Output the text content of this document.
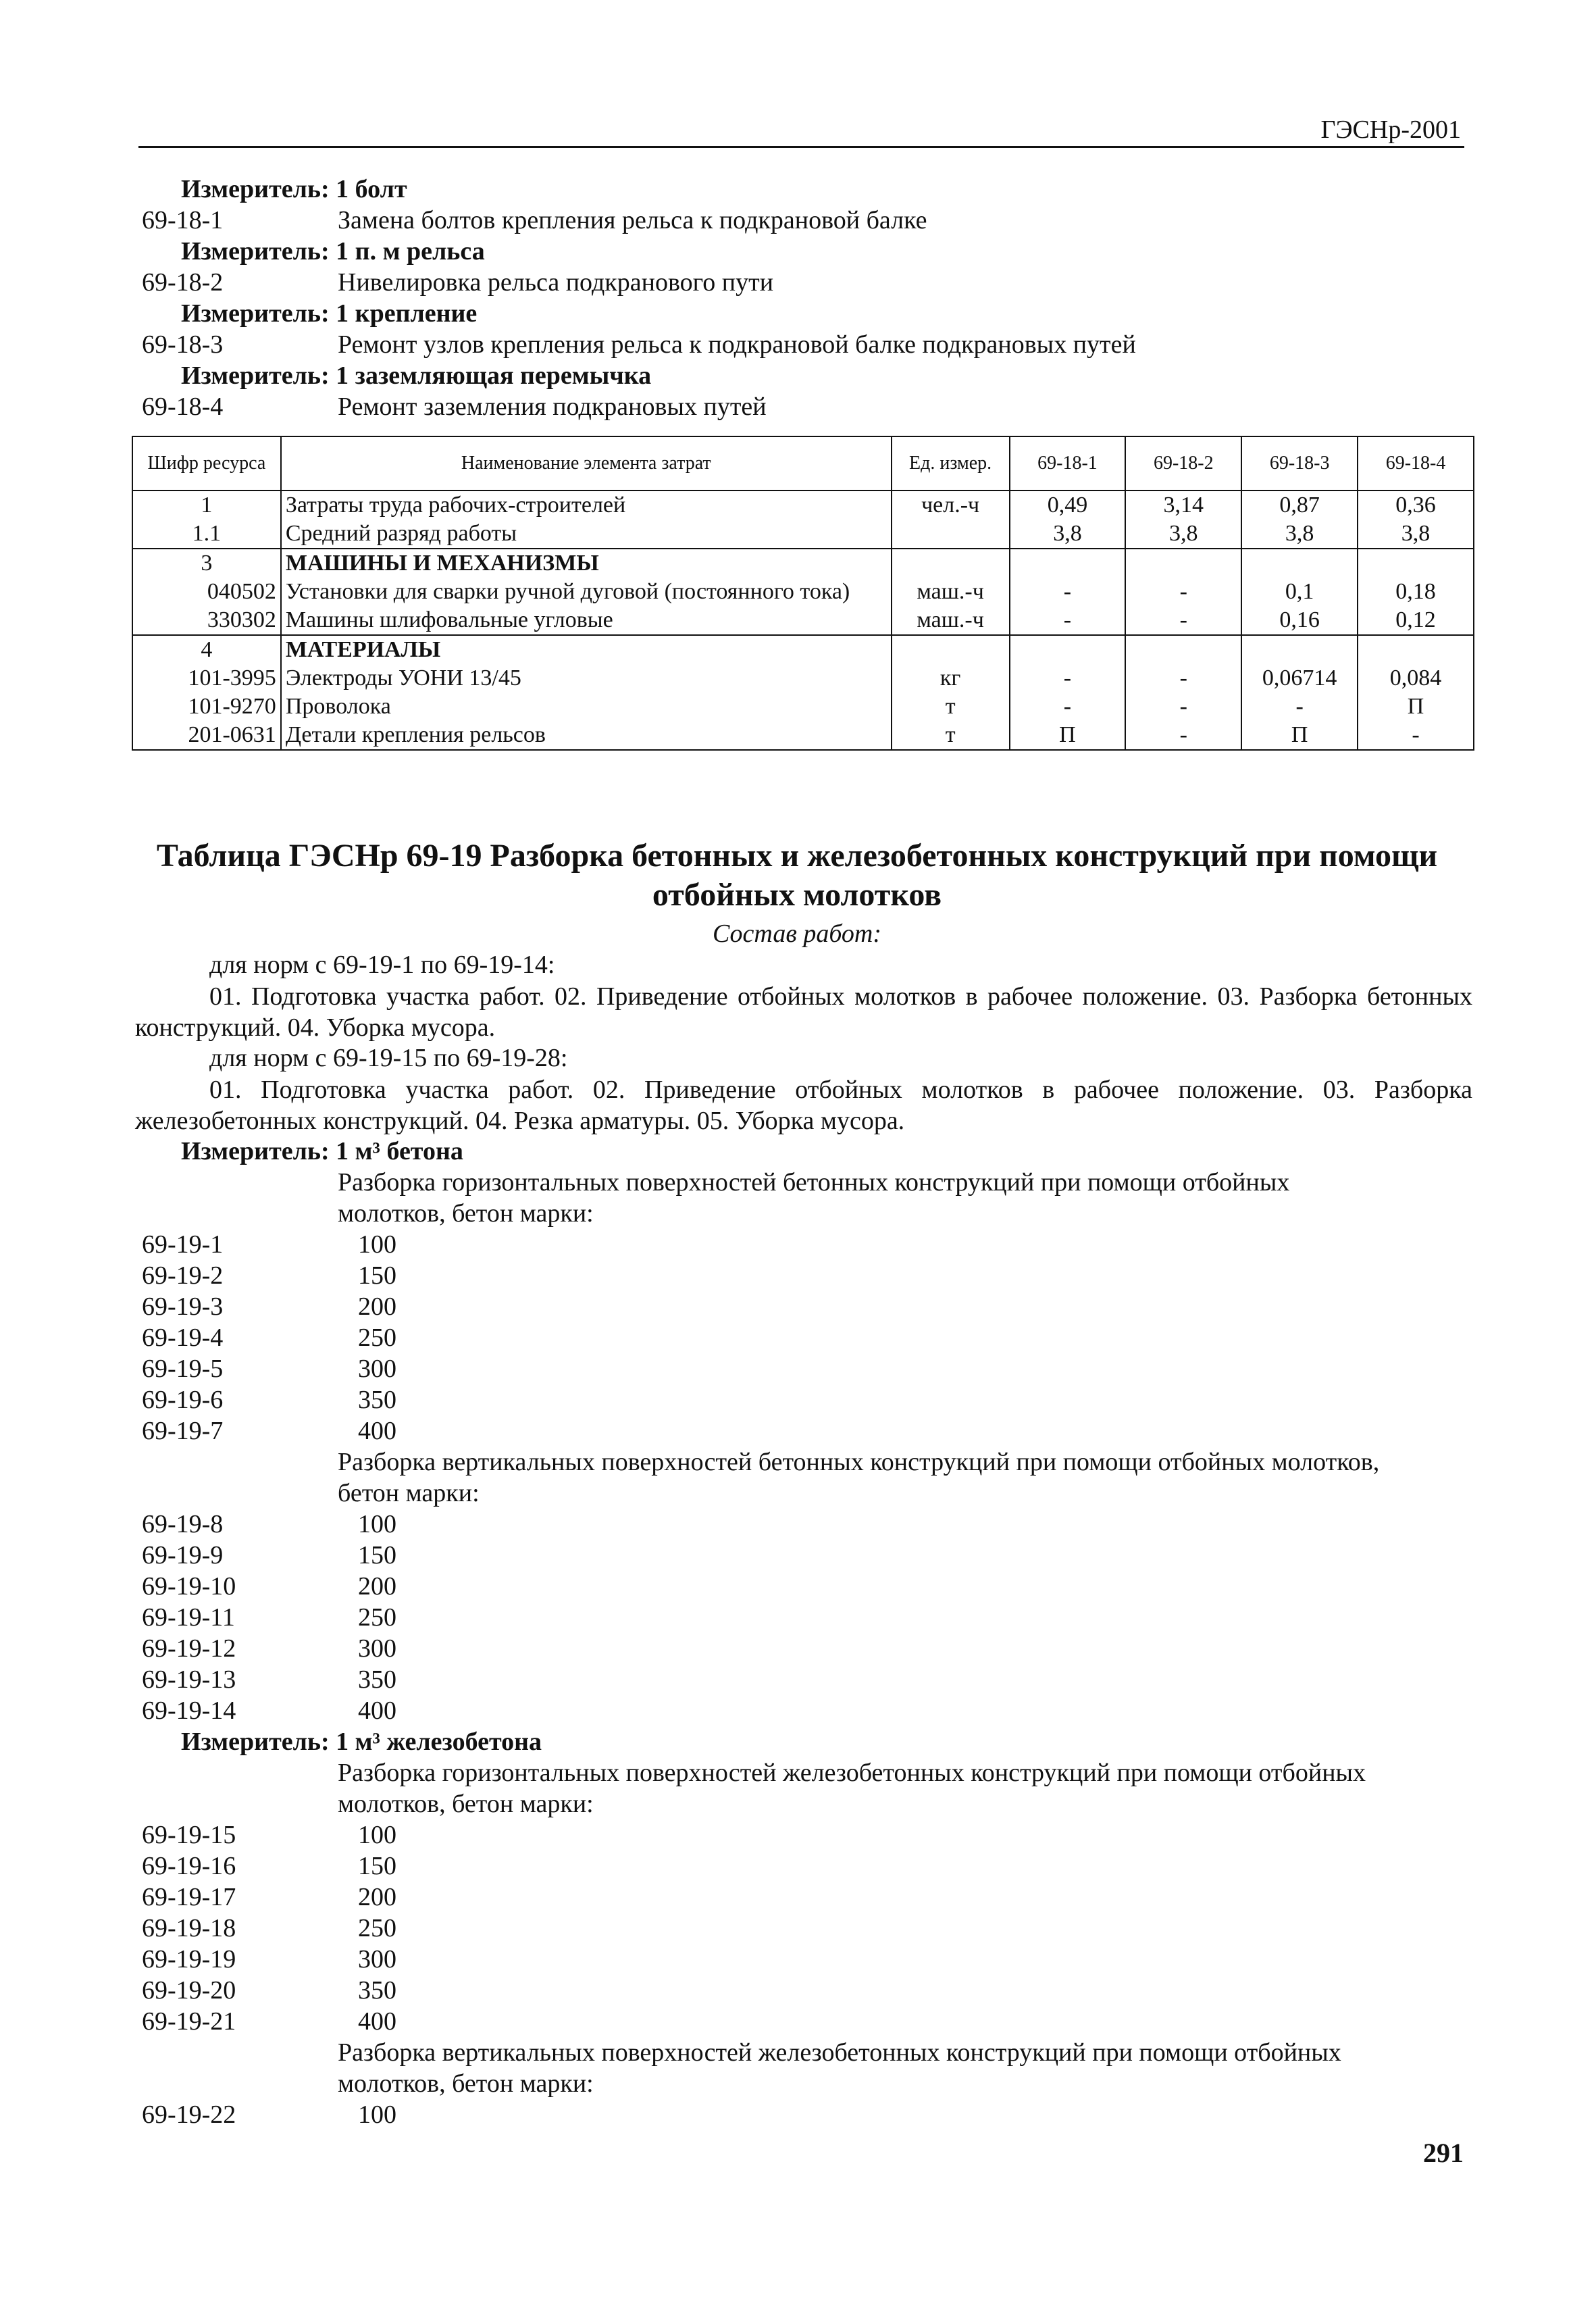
ГЭСНр-2001
Измеритель: 1 болт
69-18-1	Замена болтов крепления рельса к подкрановой балке
Измеритель: 1 п. м рельса
69-18-2	Нивелировка рельса подкранового пути
Измеритель: 1 крепление
69-18-3	Ремонт узлов крепления рельса к подкрановой балке подкрановых путей
Измеритель: 1 заземляющая перемычка
69-18-4	Ремонт заземления подкрановых путей
Шифр ресурса	Наименование элемента затрат	Ед. измер.	69-18-1	69-18-2	69-18-3	69-18-4
1	Затраты труда рабочих-строителей	чел.-ч	0,49	3,14	0,87	0,36
1.1	Средний разряд работы		3,8	3,8	3,8	3,8
3	МАШИНЫ И МЕХАНИЗМЫ					
040502	Установки для сварки ручной дуговой (постоянного тока)	маш.-ч	-	-	0,1	0,18
330302	Машины шлифовальные угловые	маш.-ч	-	-	0,16	0,12
4	МАТЕРИАЛЫ					
101-3995	Электроды УОНИ 13/45	кг	-	-	0,06714	0,084
101-9270	Проволока	т	-	-	-	П
201-0631	Детали крепления рельсов	т	П	-	П	-
Таблица ГЭСНр 69-19 Разборка бетонных и железобетонных конструкций при помощи
отбойных молотков
Состав работ:
для норм с 69-19-1 по 69-19-14:
01. Подготовка участка работ. 02. Приведение отбойных молотков в рабочее положение. 03. Разборка бетонных конструкций. 04. Уборка мусора.
для норм с 69-19-15 по 69-19-28:
01. Подготовка участка работ. 02. Приведение отбойных молотков в рабочее положение. 03. Разборка железобетонных конструкций. 04. Резка арматуры. 05. Уборка мусора.
Измеритель: 1 м³ бетона
Разборка горизонтальных поверхностей бетонных конструкций при помощи отбойных
молотков, бетон марки:
69-19-1	100
69-19-2	150
69-19-3	200
69-19-4	250
69-19-5	300
69-19-6	350
69-19-7	400
Разборка вертикальных поверхностей бетонных конструкций при помощи отбойных молотков,
бетон марки:
69-19-8	100
69-19-9	150
69-19-10	200
69-19-11	250
69-19-12	300
69-19-13	350
69-19-14	400
Измеритель: 1 м³ железобетона
Разборка горизонтальных поверхностей железобетонных конструкций при помощи отбойных
молотков, бетон марки:
69-19-15	100
69-19-16	150
69-19-17	200
69-19-18	250
69-19-19	300
69-19-20	350
69-19-21	400
Разборка вертикальных поверхностей железобетонных конструкций при помощи отбойных
молотков, бетон марки:
69-19-22	100
291
